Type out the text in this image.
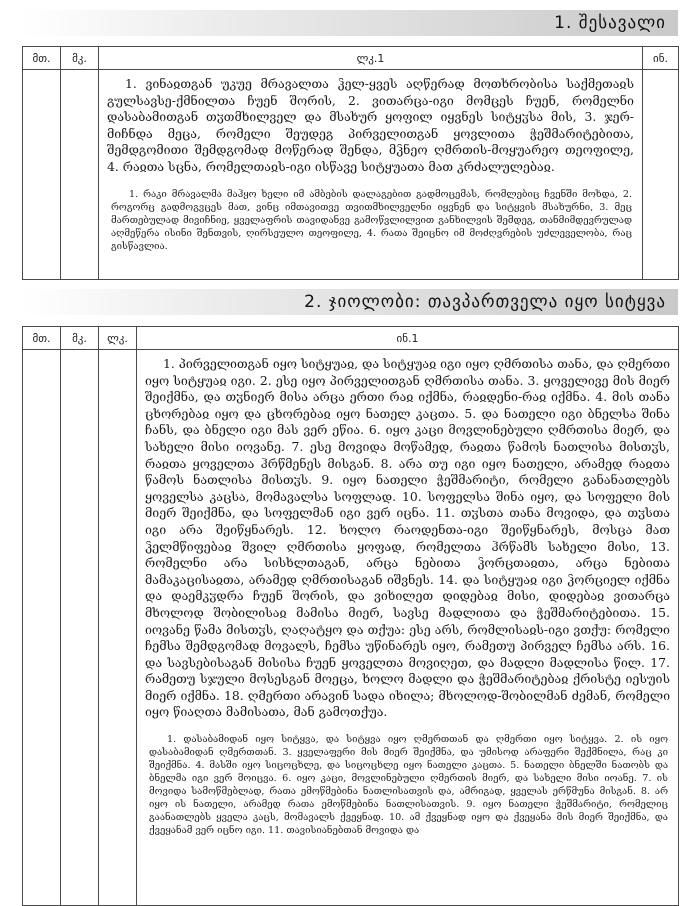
1. შესავალი
მთ.	მკ.	ლკ.1	ინ.

		1. ვინაჲთგან უკუე მრავალთა ჴელ-ყვეს აღწერად მოთხრობისა საქმეთაჲს გულსავსე-ქმნილთა ჩუენ შორის, 2. ვითარცა-იგი მომცეს ჩუენ, რომელნი დასაბამითგან თჳთმხილველ და მსახურ ყოფილ იყვნეს სიტყჳსა მის, 3. ჯერ-მიჩნდა მეცა, რომელი შეუდეგ პირველითგან ყოვლითა ჭეშმარიტებითა, შემდგომითი შემდგომად მოწერად შენდა, მჴნეო ღმრთის-მოყუარეო თეოფილე, 4. რაჲთა სცნა, რომელთაჲს-იგი ისწავე სიტყუათა მათ კრძალულებაჲ.

1. რაკი მრავალმა მაჰყო ხელი იმ ამბების დალაგებით გადმოცემას, რომლებიც ჩვენში მოხდა, 2. როგორც გადმოგვცეს მათ, ვინც იმთავითვე თვითმხილველნი იყვნენ და სიტყვის მსახურნი, 3. მეც მართებულად მივიჩნიე, ყველაფრის თავიდანვე გამოწვლილვით განხილვის შემდეგ, თანმიმდევრულად აღმეწერა ისინი შენთვის, ღირსეულო თეოფილე, 4. რათა შეიცნო იმ მოძღვრების უძლეველობა, რაც გისწავლია.	

2. ჯიოლობი: თავპართველა იყო სიტყვა
მთ.	მკ.	ლკ.	ინ.1

			1. პირველითგან იყო სიტყუაჲ, და სიტყუაჲ იგი იყო ღმრთისა თანა, და ღმერთი იყო სიტყუაჲ იგი. 2. ესე იყო პირველითგან ღმრთისა თანა. 3. ყოველივე მის მიერ შეიქმნა, და თჳნიერ მისა არცა ერთი რაჲ იქმნა, რაჲდენი-რაჲ იქმნა. 4. მის თანა ცხორებაჲ იყო და ცხორებაჲ იყო ნათელ კაცთა. 5. და ნათელი იგი ბნელსა შინა ჩანს, და ბნელი იგი მას ვერ ეწია. 6. იყო კაცი მოვლინებული ღმრთისა მიერ, და სახელი მისი იოვანე. 7. ესე მოვიდა მოწამედ, რაჲთა წამოს ნათლისა მისთჳს, რაჲთა ყოველთა ჰრწმენეს მისგან. 8. არა თუ იგი იყო ნათელი, არამედ რაჲთა წამოს ნათლისა მისთჳს. 9. იყო ნათელი ჭეშმარიტი, რომელი განანათლებს ყოველსა კაცსა, მომავალსა სოფლად. 10. სოფელსა შინა იყო, და სოფელი მის მიერ შეიქმნა, და სოფელმან იგი ვერ იცნა. 11. თჳსთა თანა მოვიდა, და თჳსთა იგი არა შეიწყნარეს. 12. ხოლო რაოდენთა-იგი შეიწყნარეს, მოსცა მათ ჴელმწიფებაჲ შვილ ღმრთისა ყოფად, რომელთა ჰრწამს სახელი მისი, 13. რომელნი არა სისხლთაგან, არცა ნებითა ჴორცთაჲთა, არცა ნებითა მამაკაცისაჲთა, არამედ ღმრთისაგან იშვნეს. 14. და სიტყუაჲ იგი ჴორციელ იქმნა და დაემკჳდრა ჩუენ შორის, და ვიხილეთ დიდებაჲ მისი, დიდებაჲ ვითარცა მხოლოდ შობილისაჲ მამისა მიერ, სავსე მადლითა და ჭეშმარიტებითა. 15. იოვანე წამა მისთჳს, ღაღატყო და თქუა: ესე არს, რომლისაჲს-იგი ვთქუ: რომელი ჩემსა შემდგომად მოვალს, ჩემსა უწინარეს იყო, რამეთუ პირველ ჩემსა არს. 16. და სავსებისაგან მისისა ჩუენ ყოველთა მოვიღეთ, და მადლი მადლისა წილ. 17. რამეთუ სჯული მოსესგან მოეცა, ხოლო მადლი და ჭეშმარიტებაჲ ქრისტე იესუის მიერ იქმნა. 18. ღმერთი არავინ სადა იხილა; მხოლოდ-შობილმან ძემან, რომელი იყო წიაღთა მამისათა, მან გამოთქუა.

1. დასაბამიდან იყო სიტყვა, და სიტყვა იყო ღმერთთან და ღმერთი იყო სიტყვა. 2. ის იყო დასაბამიდან ღმერთთან. 3. ყველაფერი მის მიერ შეიქმნა, და უმისოდ არაფერი შექმნილა, რაც კი შეიქმნა. 4. მასში იყო სიცოცხლე, და სიცოცხლე იყო ნათელი კაცთა. 5. ნათელი ბნელში ნათობს და ბნელმა იგი ვერ მოიცვა. 6. იყო კაცი, მოვლინებული ღმერთის მიერ, და სახელი მისი იოანე. 7. ის მოვიდა სამოწმებლად, რათა ემოწმებინა ნათლისათვის და, ამრიგად, ყველას ერწმუნა მისგან. 8. არ იყო ის ნათელი, არამედ რათა ემოწმებინა ნათლისათვის. 9. იყო ნათელი ჭეშმარიტი, რომელიც გაანათლებს ყველა კაცს, მომავალს ქვეყნად. 10. ამ ქვეყნად იყო და ქვეყანა მის მიერ შეიქმნა, და ქვეყანამ ვერ იცნო იგი. 11. თავისიანებთან მოვიდა და
